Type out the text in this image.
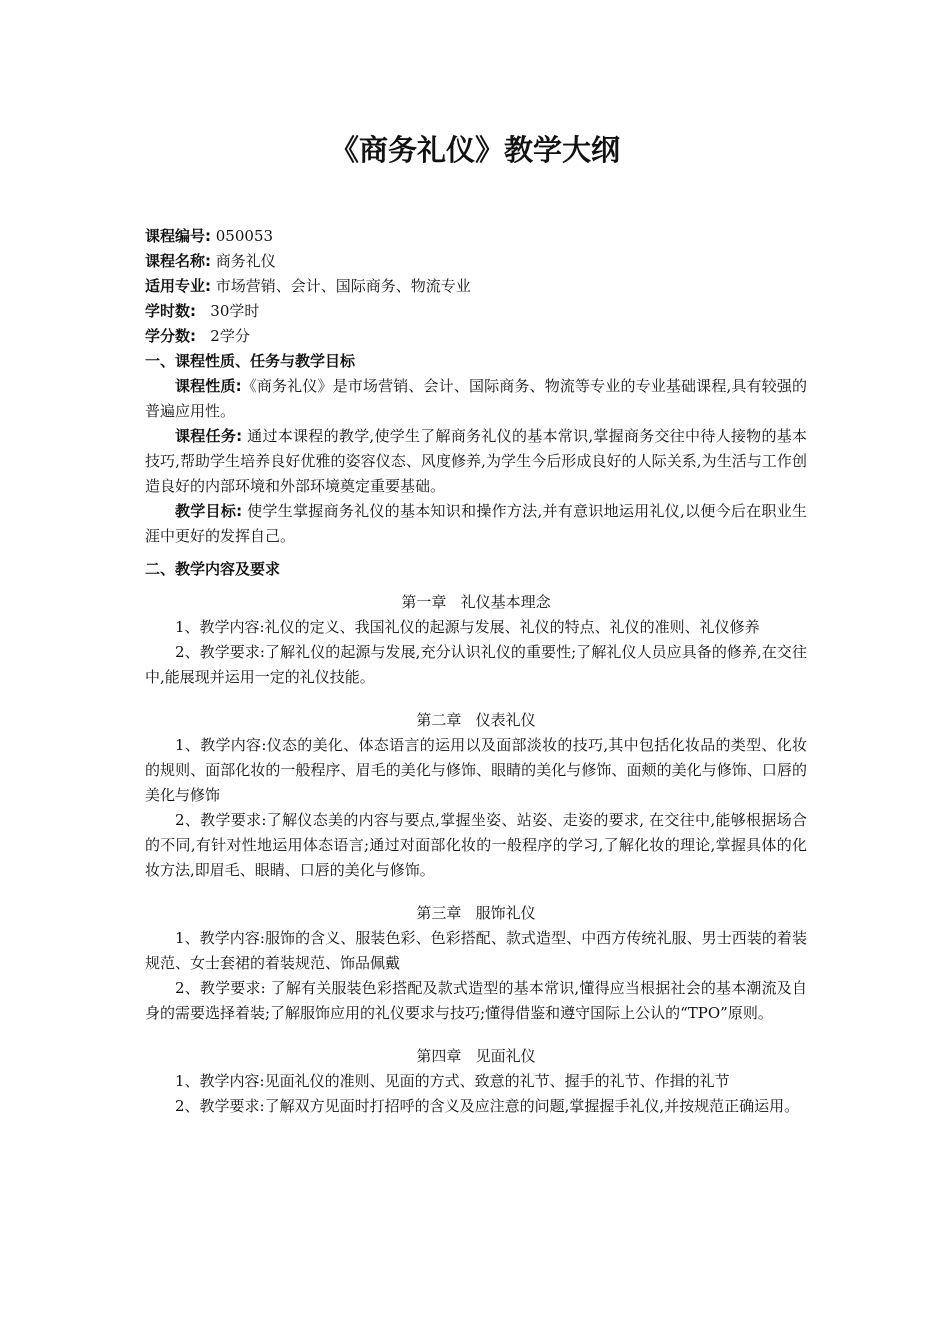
《商务礼仪》教学大纲
课程编号: 050053
课程名称: 商务礼仪
适用专业: 市场营销、会计、国际商务、物流专业
学时数:   30学时
学分数:   2学分
一、课程性质、任务与教学目标
课程性质:《商务礼仪》是市场营销、会计、国际商务、物流等专业的专业基础课程,具有较强的普遍应用性。
课程任务: 通过本课程的教学,使学生了解商务礼仪的基本常识,掌握商务交往中待人接物的基本技巧,帮助学生培养良好优雅的姿容仪态、风度修养,为学生今后形成良好的人际关系,为生活与工作创造良好的内部环境和外部环境奠定重要基础。
教学目标: 使学生掌握商务礼仪的基本知识和操作方法,并有意识地运用礼仪,以便今后在职业生涯中更好的发挥自己。
二、教学内容及要求
第一章   礼仪基本理念
1、教学内容:礼仪的定义、我国礼仪的起源与发展、礼仪的特点、礼仪的准则、礼仪修养
2、教学要求:了解礼仪的起源与发展,充分认识礼仪的重要性;了解礼仪人员应具备的修养,在交往中,能展现并运用一定的礼仪技能。
第二章   仪表礼仪
1、教学内容:仪态的美化、体态语言的运用以及面部淡妆的技巧,其中包括化妆品的类型、化妆的规则、面部化妆的一般程序、眉毛的美化与修饰、眼睛的美化与修饰、面颊的美化与修饰、口唇的美化与修饰
2、教学要求:了解仪态美的内容与要点,掌握坐姿、站姿、走姿的要求, 在交往中,能够根据场合的不同,有针对性地运用体态语言;通过对面部化妆的一般程序的学习,了解化妆的理论,掌握具体的化妆方法,即眉毛、眼睛、口唇的美化与修饰。
第三章   服饰礼仪
1、教学内容:服饰的含义、服装色彩、色彩搭配、款式造型、中西方传统礼服、男士西装的着装规范、女士套裙的着装规范、饰品佩戴
2、教学要求: 了解有关服装色彩搭配及款式造型的基本常识,懂得应当根据社会的基本潮流及自身的需要选择着装;了解服饰应用的礼仪要求与技巧;懂得借鉴和遵守国际上公认的“TPO”原则。
第四章   见面礼仪
1、教学内容:见面礼仪的准则、见面的方式、致意的礼节、握手的礼节、作揖的礼节
2、教学要求:了解双方见面时打招呼的含义及应注意的问题,掌握握手礼仪,并按规范正确运用。
